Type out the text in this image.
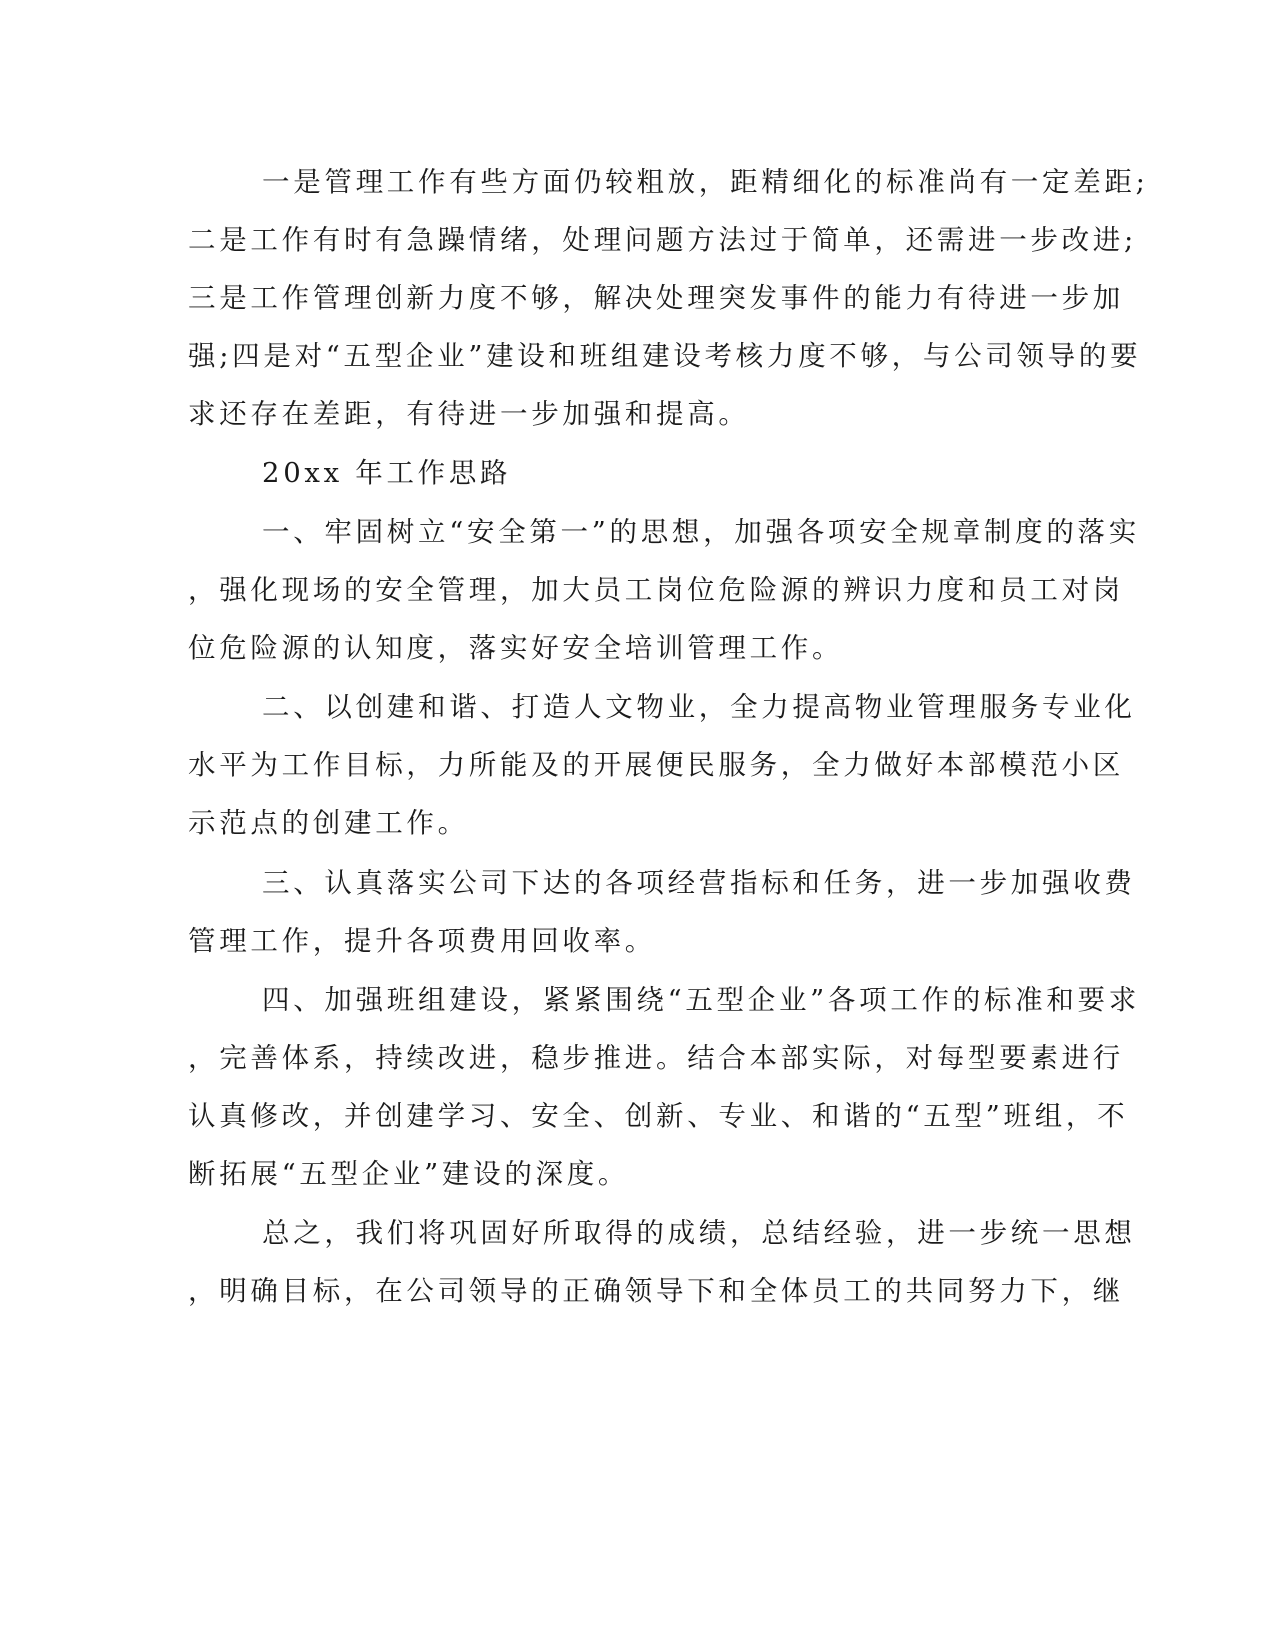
一是管理工作有些方面仍较粗放，距精细化的标准尚有一定差距;
二是工作有时有急躁情绪，处理问题方法过于简单，还需进一步改进;
三是工作管理创新力度不够，解决处理突发事件的能力有待进一步加
强;四是对“五型企业”建设和班组建设考核力度不够，与公司领导的要
求还存在差距，有待进一步加强和提高。
20xx 年工作思路
一、牢固树立“安全第一”的思想，加强各项安全规章制度的落实
，强化现场的安全管理，加大员工岗位危险源的辨识力度和员工对岗
位危险源的认知度，落实好安全培训管理工作。
二、以创建和谐、打造人文物业，全力提高物业管理服务专业化
水平为工作目标，力所能及的开展便民服务，全力做好本部模范小区
示范点的创建工作。
三、认真落实公司下达的各项经营指标和任务，进一步加强收费
管理工作，提升各项费用回收率。
四、加强班组建设，紧紧围绕“五型企业”各项工作的标准和要求
，完善体系，持续改进，稳步推进。结合本部实际，对每型要素进行
认真修改，并创建学习、安全、创新、专业、和谐的“五型”班组，不
断拓展“五型企业”建设的深度。
总之，我们将巩固好所取得的成绩，总结经验，进一步统一思想
，明确目标，在公司领导的正确领导下和全体员工的共同努力下，继
